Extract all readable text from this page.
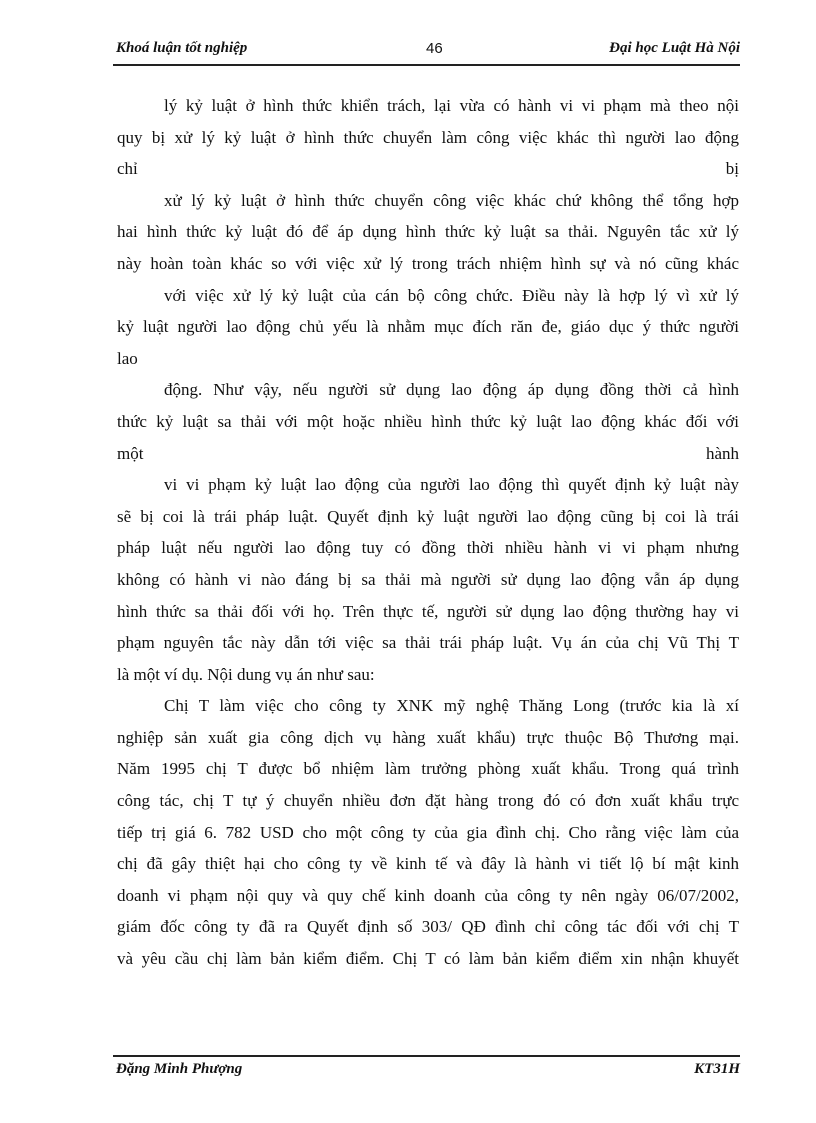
Khoá luận tốt nghiệp	46	Đại học Luật Hà Nội
lý kỷ luật ở hình thức khiển trách, lại vừa có hành vi vi phạm mà theo nội
quy bị xử lý kỷ luật ở hình thức chuyển làm công việc khác thì người lao động
chỉ	bị
xử lý kỷ luật ở hình thức chuyển công việc khác chứ không thể tổng hợp
hai hình thức kỷ luật đó để áp dụng hình thức kỷ luật sa thải. Nguyên tắc xử lý
này hoàn toàn khác so với việc xử lý trong trách nhiệm hình sự và nó cũng khác
với việc xử lý kỷ luật của cán bộ công chức. Điều này là hợp lý vì xử lý
kỷ luật người lao động chủ yếu là nhằm mục đích răn đe, giáo dục ý thức người
lao
động. Như vậy, nếu người sử dụng lao động áp dụng đồng thời cả hình
thức kỷ luật sa thải với một hoặc nhiều hình thức kỷ luật lao động khác đối với
một	hành
vi vi phạm kỷ luật lao động của người lao động thì quyết định kỷ luật này
sẽ bị coi là trái pháp luật. Quyết định kỷ luật người lao động cũng bị coi là trái
pháp luật nếu người lao động tuy có đồng thời nhiều hành vi vi phạm nhưng
không có hành vi nào đáng bị sa thải mà người sử dụng lao động vẫn áp dụng
hình thức sa thải đối với họ. Trên thực tế, người sử dụng lao động thường hay vi
phạm nguyên tắc này dẫn tới việc sa thải trái pháp luật. Vụ án của chị Vũ Thị T
là một ví dụ. Nội dung vụ án như sau:
Chị T làm việc cho công ty XNK mỹ nghệ Thăng Long (trước kia là xí
nghiệp sản xuất gia công dịch vụ hàng xuất khẩu) trực thuộc Bộ Thương mại.
Năm 1995 chị T được bổ nhiệm làm trưởng phòng xuất khẩu. Trong quá trình
công tác, chị T tự ý chuyển nhiều đơn đặt hàng trong đó có đơn xuất khẩu trực
tiếp trị giá 6. 782 USD cho một công ty của gia đình chị. Cho rằng việc làm của
chị đã gây thiệt hại cho công ty về kinh tế và đây là hành vi tiết lộ bí mật kinh
doanh vi phạm nội quy và quy chế kinh doanh của công ty nên ngày 06/07/2002,
giám đốc công ty đã ra Quyết định số 303/ QĐ đình chỉ công tác đối với chị T
và yêu cầu chị làm bản kiểm điểm. Chị T có làm bản kiểm điểm xin nhận khuyết
Đặng Minh Phượng	KT31H
